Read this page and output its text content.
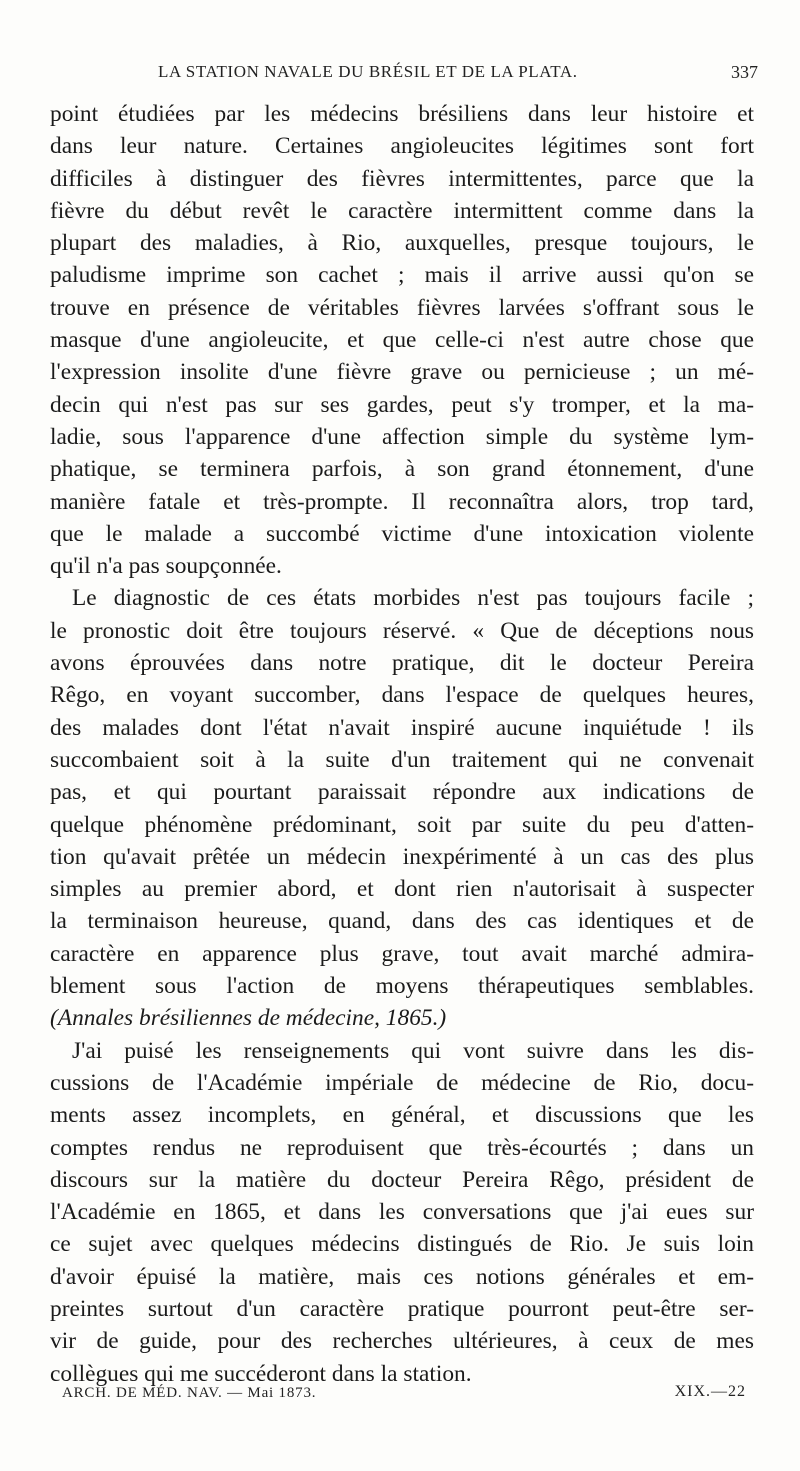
LA STATION NAVALE DU BRÉSIL ET DE LA PLATA.	337
point étudiées par les médecins brésiliens dans leur histoire et
dans leur nature. Certaines angioleucites légitimes sont fort
difficiles à distinguer des fièvres intermittentes, parce que la
fièvre du début revêt le caractère intermittent comme dans la
plupart des maladies, à Rio, auxquelles, presque toujours, le
paludisme imprime son cachet ; mais il arrive aussi qu'on se
trouve en présence de véritables fièvres larvées s'offrant sous le
masque d'une angioleucite, et que celle-ci n'est autre chose que
l'expression insolite d'une fièvre grave ou pernicieuse ; un mé-
decin qui n'est pas sur ses gardes, peut s'y tromper, et la ma-
ladie, sous l'apparence d'une affection simple du système lym-
phatique, se terminera parfois, à son grand étonnement, d'une
manière fatale et très-prompte. Il reconnaîtra alors, trop tard,
que le malade a succombé victime d'une intoxication violente
qu'il n'a pas soupçonnée.
Le diagnostic de ces états morbides n'est pas toujours facile ;
le pronostic doit être toujours réservé. « Que de déceptions nous
avons éprouvées dans notre pratique, dit le docteur Pereira
Rêgo, en voyant succomber, dans l'espace de quelques heures,
des malades dont l'état n'avait inspiré aucune inquiétude ! ils
succombaient soit à la suite d'un traitement qui ne convenait
pas, et qui pourtant paraissait répondre aux indications de
quelque phénomène prédominant, soit par suite du peu d'atten-
tion qu'avait prêtée un médecin inexpérimenté à un cas des plus
simples au premier abord, et dont rien n'autorisait à suspecter
la terminaison heureuse, quand, dans des cas identiques et de
caractère en apparence plus grave, tout avait marché admira-
blement sous l'action de moyens thérapeutiques semblables.
(Annales brésiliennes de médecine, 1865.)
J'ai puisé les renseignements qui vont suivre dans les dis-
cussions de l'Académie impériale de médecine de Rio, docu-
ments assez incomplets, en général, et discussions que les
comptes rendus ne reproduisent que très-écourtés ; dans un
discours sur la matière du docteur Pereira Rêgo, président de
l'Académie en 1865, et dans les conversations que j'ai eues sur
ce sujet avec quelques médecins distingués de Rio. Je suis loin
d'avoir épuisé la matière, mais ces notions générales et em-
preintes surtout d'un caractère pratique pourront peut-être ser-
vir de guide, pour des recherches ultérieures, à ceux de mes
collègues qui me succéderont dans la station.
ARCH. DE MÉD. NAV. — Mai 1873.	XIX.—22
